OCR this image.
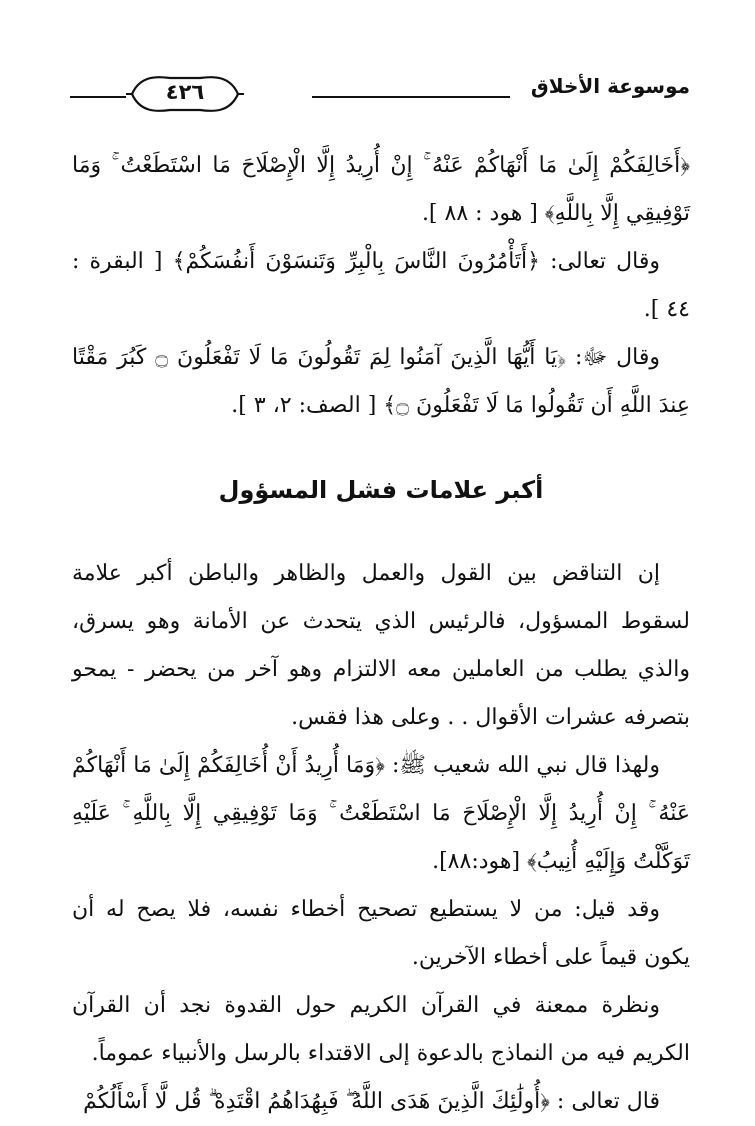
موسوعة الأخلاق
٤٢٦

﴿أَخَالِفَكُمْ إِلَىٰ مَا أَنْهَاكُمْ عَنْهُ ۚ إِنْ أُرِيدُ إِلَّا الْإِصْلَاحَ مَا اسْتَطَعْتُ ۚ وَمَا تَوْفِيقِي إِلَّا بِاللَّهِ﴾ [ هود : ٨٨ ].

وقال تعالى: ﴿أَتَأْمُرُونَ النَّاسَ بِالْبِرِّ وَتَنسَوْنَ أَنفُسَكُمْ﴾ [ البقرة : ٤٤ ].

وقال ﷻ: ﴿يَا أَيُّهَا الَّذِينَ آمَنُوا لِمَ تَقُولُونَ مَا لَا تَفْعَلُونَ ۝ كَبُرَ مَقْتًا عِندَ اللَّهِ أَن تَقُولُوا مَا لَا تَفْعَلُونَ ۝﴾ [ الصف: ٢، ٣ ].

أكبر علامات فشل المسؤول

إن التناقض بين القول والعمل والظاهر والباطن أكبر علامة لسقوط المسؤول، فالرئيس الذي يتحدث عن الأمانة وهو يسرق، والذي يطلب من العاملين معه الالتزام وهو آخر من يحضر - يمحو بتصرفه عشرات الأقوال . . وعلى هذا فقس.

ولهذا قال نبي الله شعيب ﷺ: ﴿وَمَا أُرِيدُ أَنْ أُخَالِفَكُمْ إِلَىٰ مَا أَنْهَاكُمْ عَنْهُ ۚ إِنْ أُرِيدُ إِلَّا الْإِصْلَاحَ مَا اسْتَطَعْتُ ۚ وَمَا تَوْفِيقِي إِلَّا بِاللَّهِ ۚ عَلَيْهِ تَوَكَّلْتُ وَإِلَيْهِ أُنِيبُ﴾ [هود:٨٨].

وقد قيل: من لا يستطيع تصحيح أخطاء نفسه، فلا يصح له أن يكون قيماً على أخطاء الآخرين.

ونظرة ممعنة في القرآن الكريم حول القدوة نجد أن القرآن الكريم فيه من النماذج بالدعوة إلى الاقتداء بالرسل والأنبياء عموماً.

قال تعالى : ﴿أُولَٰئِكَ الَّذِينَ هَدَى اللَّهُ ۖ فَبِهُدَاهُمُ اقْتَدِهْ ۗ قُل لَّا أَسْأَلُكُمْ
